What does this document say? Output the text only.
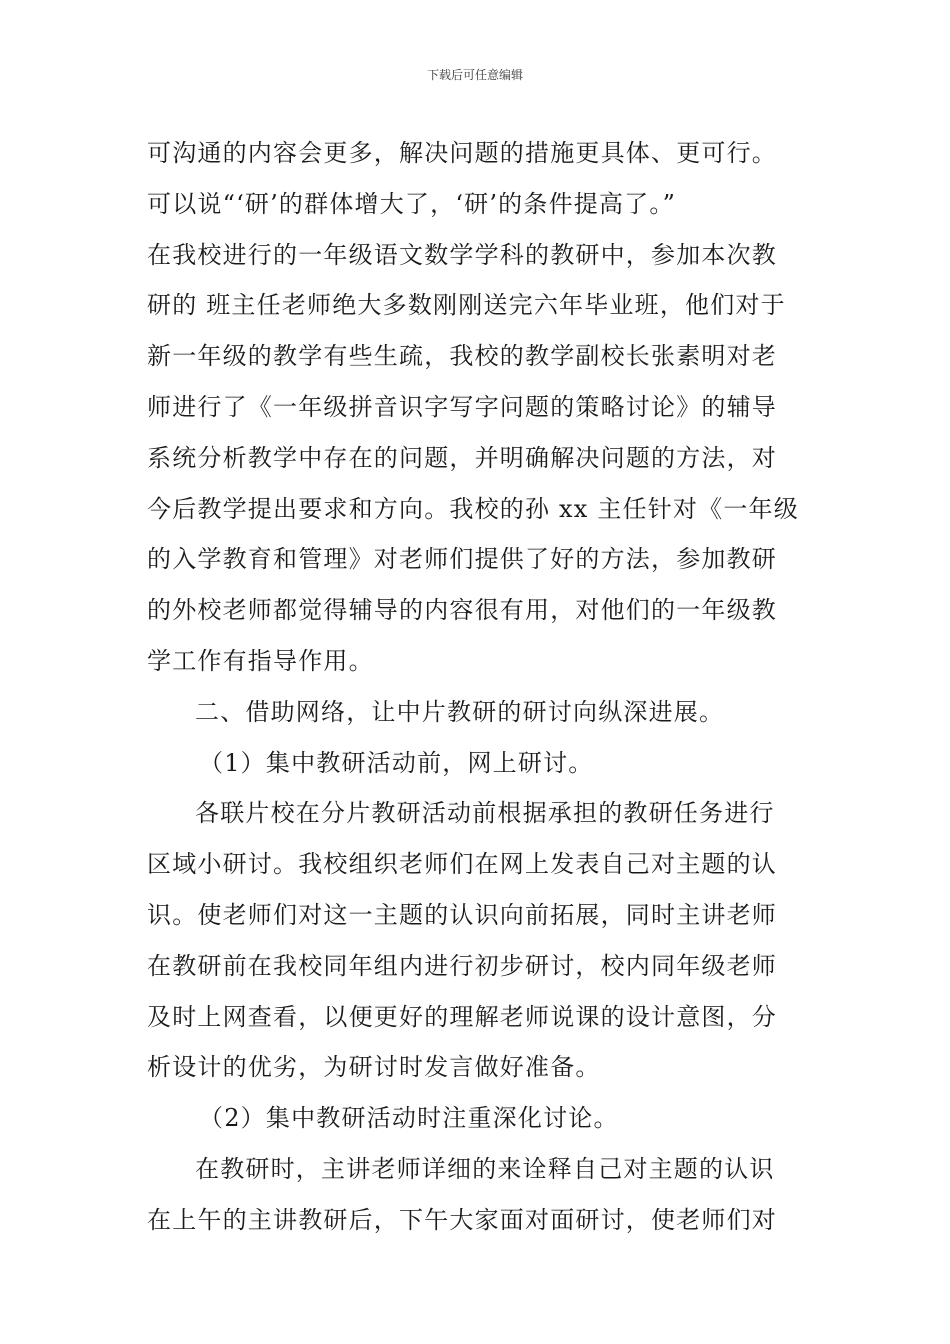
下载后可任意编辑
可沟通的内容会更多，解决问题的措施更具体、更可行。
可以说“‘研’的群体增大了，‘研’的条件提高了。”
在我校进行的一年级语文数学学科的教研中，参加本次教
研的 班主任老师绝大多数刚刚送完六年毕业班，他们对于
新一年级的教学有些生疏，我校的教学副校长张素明对老
师进行了《一年级拼音识字写字问题的策略讨论》的辅导
系统分析教学中存在的问题，并明确解决问题的方法，对
今后教学提出要求和方向。我校的孙 xx 主任针对《一年级
的入学教育和管理》对老师们提供了好的方法，参加教研
的外校老师都觉得辅导的内容很有用，对他们的一年级教
学工作有指导作用。
二、借助网络，让中片教研的研讨向纵深进展。
（1）集中教研活动前，网上研讨。
各联片校在分片教研活动前根据承担的教研任务进行
区域小研讨。我校组织老师们在网上发表自己对主题的认
识。使老师们对这一主题的认识向前拓展，同时主讲老师
在教研前在我校同年组内进行初步研讨，校内同年级老师
及时上网查看，以便更好的理解老师说课的设计意图，分
析设计的优劣，为研讨时发言做好准备。
（2）集中教研活动时注重深化讨论。
在教研时，主讲老师详细的来诠释自己对主题的认识
在上午的主讲教研后，下午大家面对面研讨，使老师们对
